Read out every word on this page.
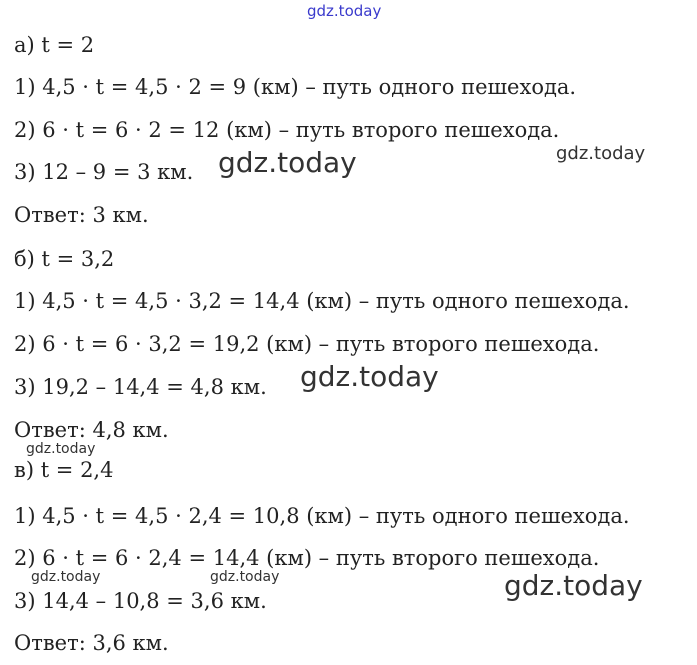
gdz.today
а) t = 2
1) 4,5 · t = 4,5 · 2 = 9 (км) – путь одного пешехода.
2) 6 · t = 6 · 2 = 12 (км) – путь второго пешехода.
3) 12 – 9 = 3 км.
Ответ: 3 км.
б) t = 3,2
1) 4,5 · t = 4,5 · 3,2 = 14,4 (км) – путь одного пешехода.
2) 6 · t = 6 · 3,2 = 19,2 (км) – путь второго пешехода.
3) 19,2 – 14,4 = 4,8 км.
Ответ: 4,8 км.
в) t = 2,4
1) 4,5 · t = 4,5 · 2,4 = 10,8 (км) – путь одного пешехода.
2) 6 · t = 6 · 2,4 = 14,4 (км) – путь второго пешехода.
3) 14,4 – 10,8 = 3,6 км.
Ответ: 3,6 км.
gdz.today	gdz.today
gdz.today
gdz.today
gdz.today	gdz.today	gdz.today
